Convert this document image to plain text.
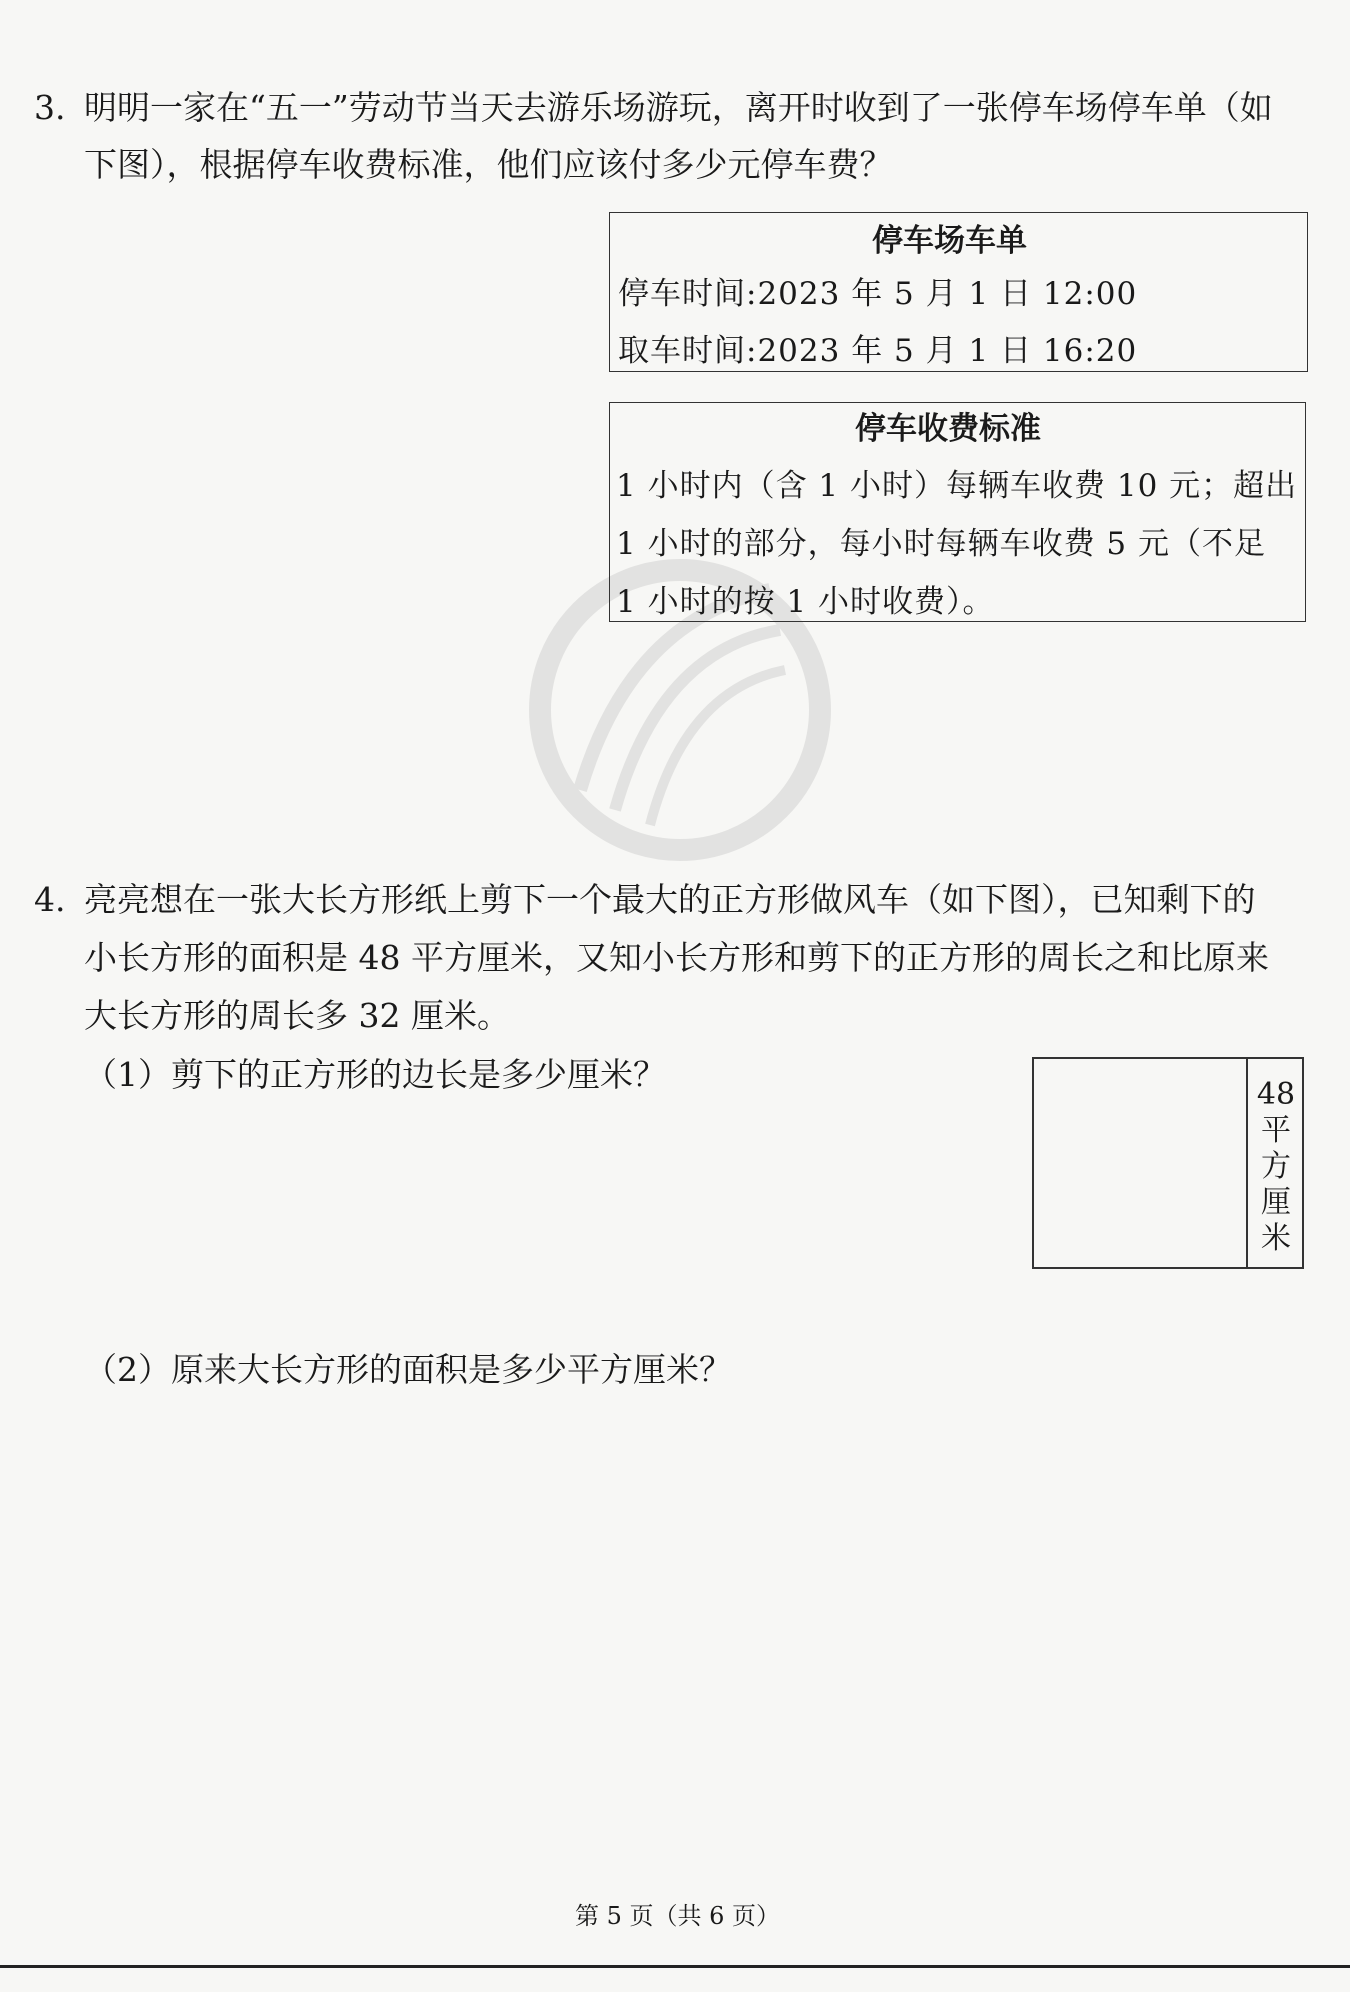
3. 明明一家在“五一”劳动节当天去游乐场游玩，离开时收到了一张停车场停车单（如
下图），根据停车收费标准，他们应该付多少元停车费？
停车场车单
停车时间:2023 年 5 月 1 日 12:00
取车时间:2023 年 5 月 1 日 16:20
停车收费标准
1 小时内（含 1 小时）每辆车收费 10 元；超出
1 小时的部分，每小时每辆车收费 5 元（不足
1 小时的按 1 小时收费）。
4. 亮亮想在一张大长方形纸上剪下一个最大的正方形做风车（如下图），已知剩下的
小长方形的面积是 48 平方厘米，又知小长方形和剪下的正方形的周长之和比原来
大长方形的周长多 32 厘米。
（1）剪下的正方形的边长是多少厘米？
（2）原来大长方形的面积是多少平方厘米？
48
平
方
厘
米
第 5 页（共 6 页）
